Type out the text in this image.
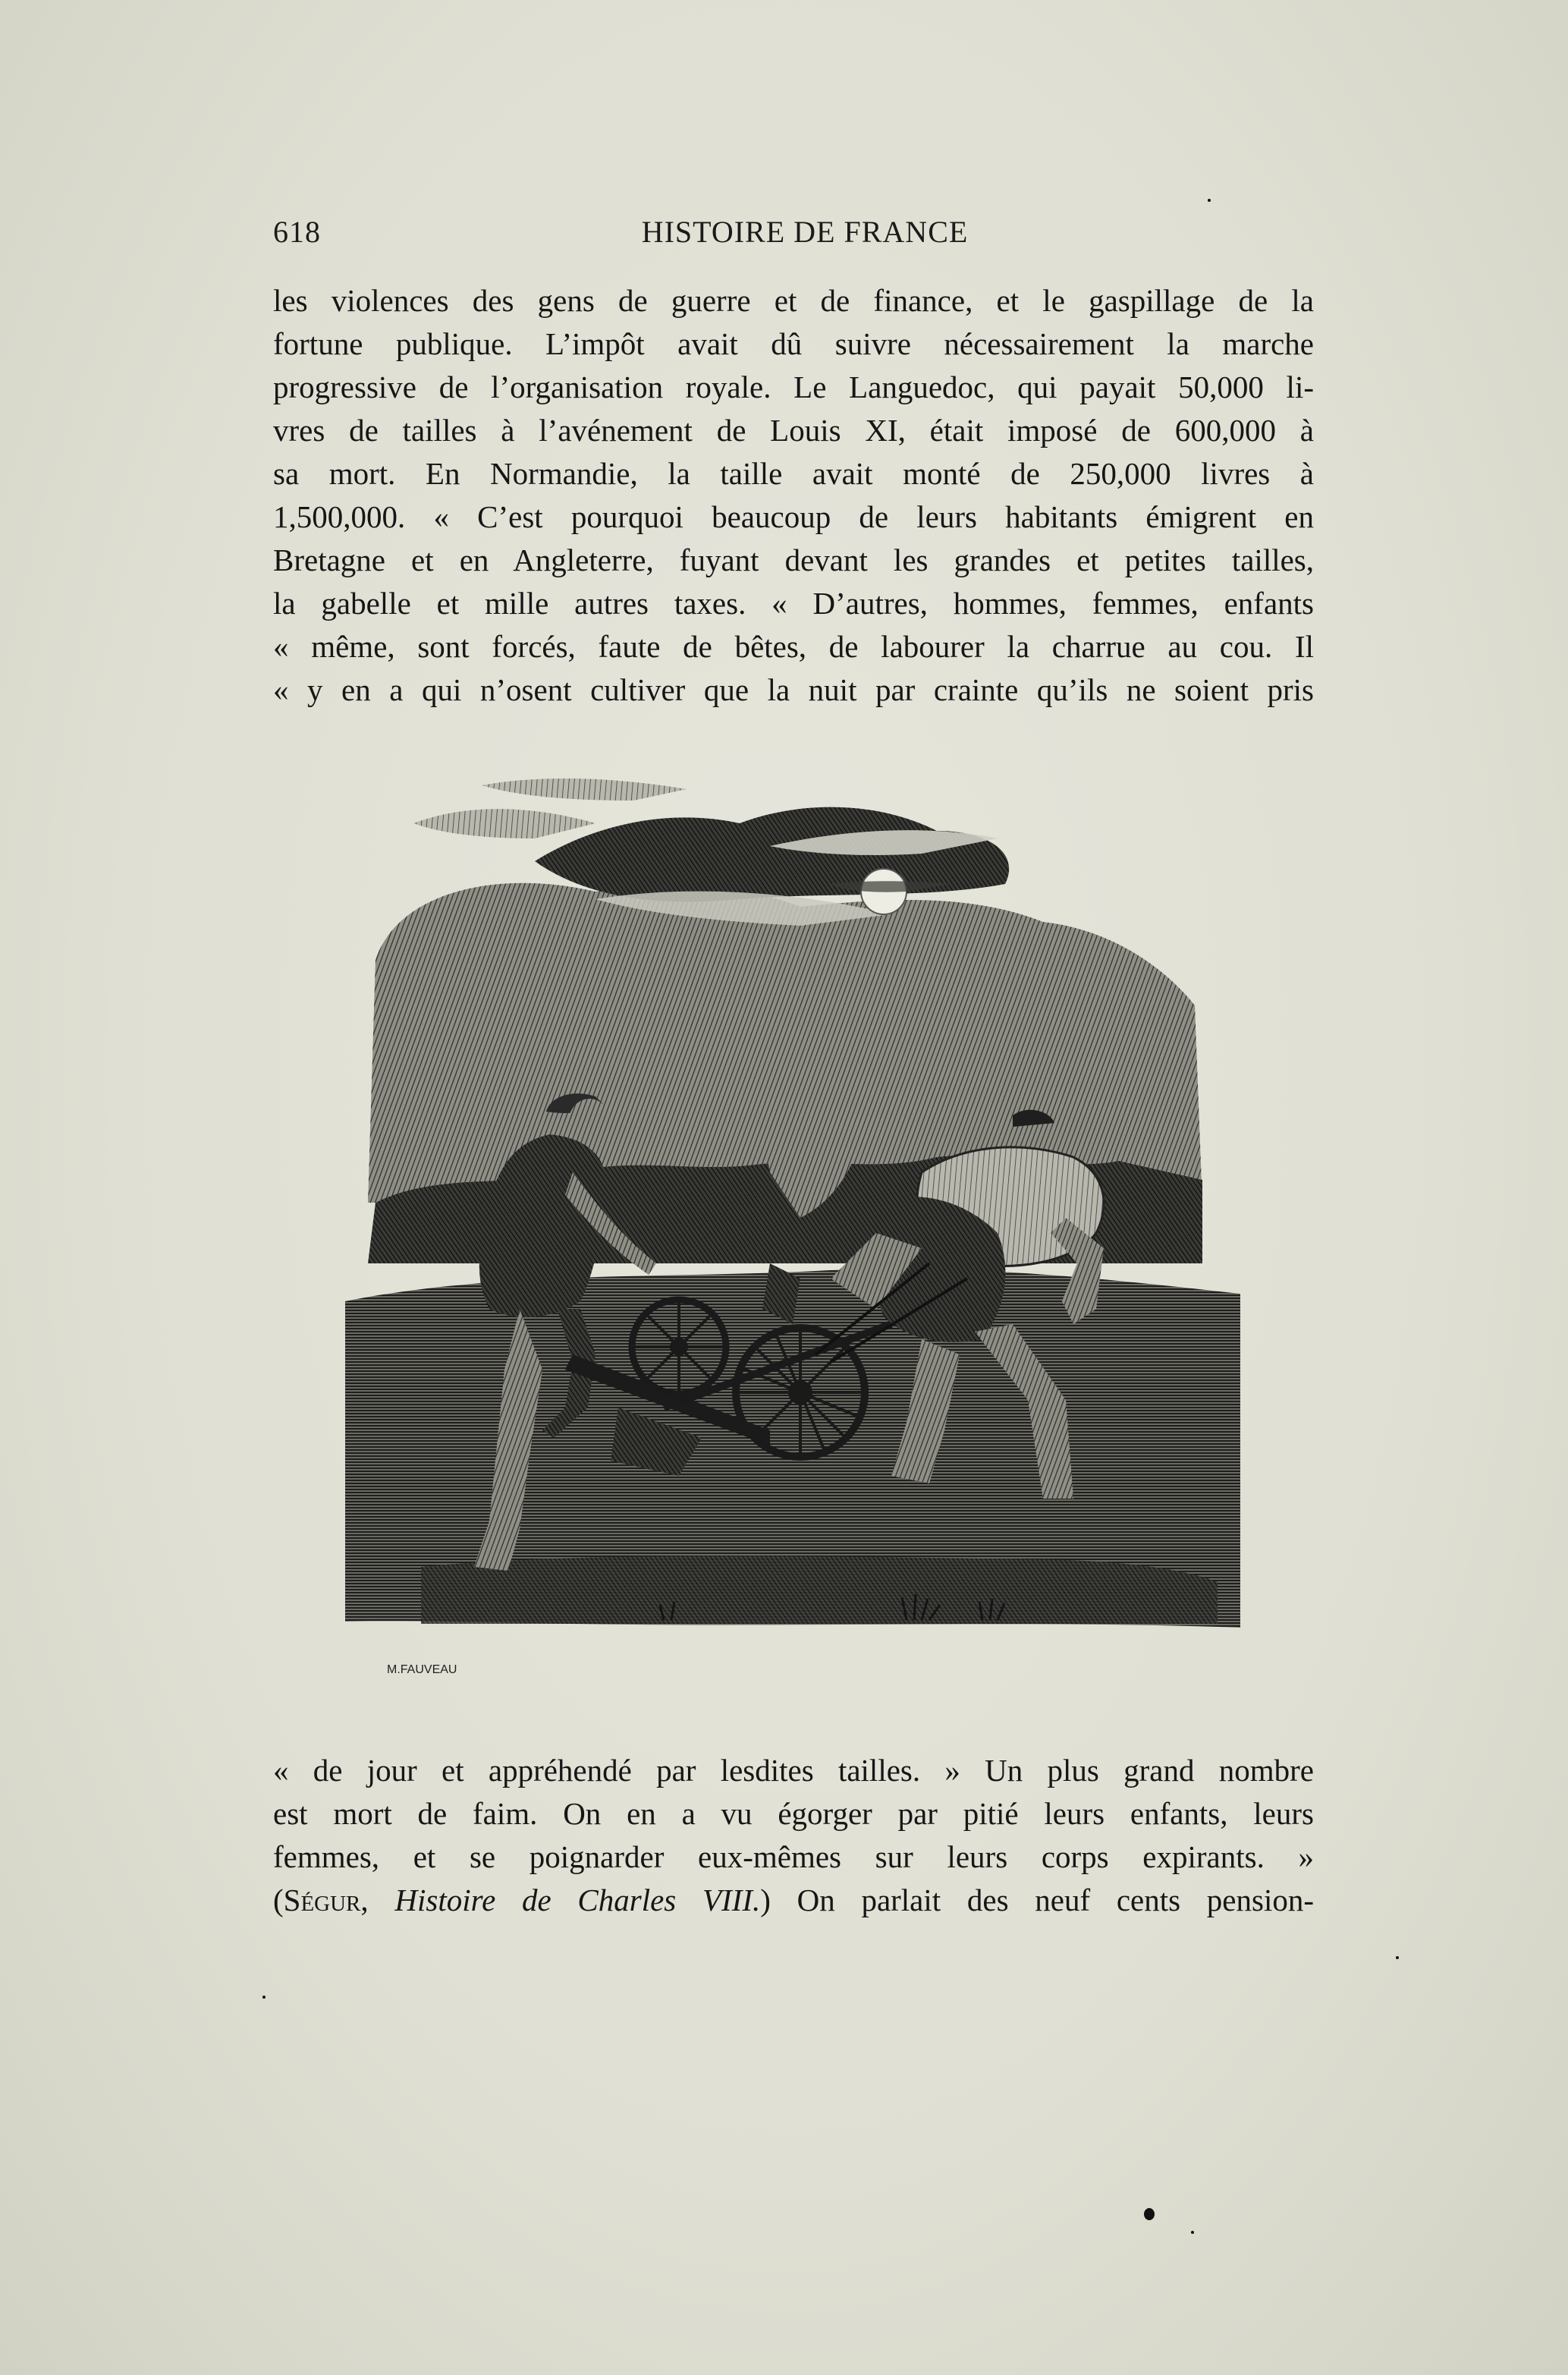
618	HISTOIRE DE FRANCE
les violences des gens de guerre et de finance, et le gaspillage de la
fortune publique. L’impôt avait dû suivre nécessairement la marche
progressive de l’organisation royale. Le Languedoc, qui payait 50,000 li-
vres de tailles à l’avénement de Louis XI, était imposé de 600,000 à
sa mort. En Normandie, la taille avait monté de 250,000 livres à
1,500,000. « C’est pourquoi beaucoup de leurs habitants émigrent en
Bretagne et en Angleterre, fuyant devant les grandes et petites tailles,
la gabelle et mille autres taxes. « D’autres, hommes, femmes, enfants
« même, sont forcés, faute de bêtes, de labourer la charrue au cou. Il
« y en a qui n’osent cultiver que la nuit par crainte qu’ils ne soient pris
M.FAUVEAU
« de jour et appréhendé par lesdites tailles. » Un plus grand nombre
est mort de faim. On en a vu égorger par pitié leurs enfants, leurs
femmes, et se poignarder eux-mêmes sur leurs corps expirants. »
(Ségur, Histoire de Charles VIII.) On parlait des neuf cents pension-
